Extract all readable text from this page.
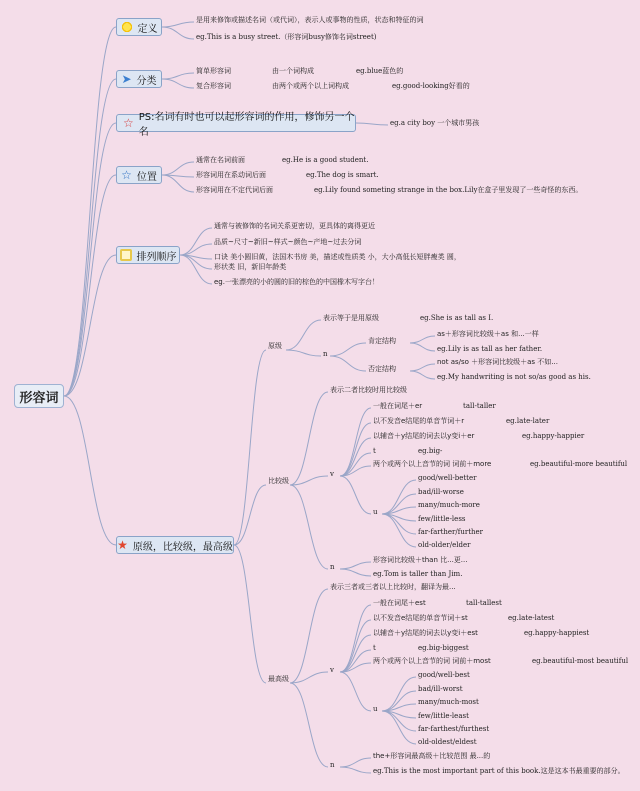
形容词
定义
是用来修饰或描述名词（或代词），表示人或事物的性质，状态和特征的词
eg.This is a busy street.（形容词busy修饰名词street)
➤ 分类
简单形容词	由一个词构成	eg.blue蓝色的
复合形容词	由两个或两个以上词构成	eg.good-looking好看的
☆ PS:名词有时也可以起形容词的作用，修饰另一个名
eg.a city boy 一个城市男孩
☆ 位置
通常在名词前面	eg.He is a good student.
形容词用在系动词后面	eg.The dog is smart.
形容词用在不定代词后面	eg.Lily found someting strange in the box.Lily在盒子里发现了一些奇怪的东西。
排列顺序
通常与被修饰的名词关系更密切，更具体的离得更近
品质~尺寸~新旧~样式~颜色~产地~过去分词
口诀 美小圆旧黄，法国木书房 美，描述或性质类 小，大小高低长短胖瘦类 圆，
形状类 旧，新旧年龄类
eg.一张漂亮的小的圆的旧的棕色的中国橡木写字台！
★ 原级，比较级，最高级
原级
表示等于是用原级	eg.She is as tall as I.
n
肯定结构
as＋形容词比较级＋as 和...一样
eg.Lily is as tall as her father.
否定结构
not as/so ＋形容词比较级＋as 不如...
eg.My handwriting is not so/as good as his.
比较级
表示二者比较时用比较级
v
一般在词尾＋er	tall-taller
以不发音e结尾的单音节词＋r	eg.late-later
以辅音＋y结尾的词去以y变i＋er	eg.happy-happier
t	eg.big-
两个或两个以上音节的词 词前＋more	eg.beautiful-more beautiful
u
good/well-better
bad/ill-worse
many/much-more
few/little-less
far-farther/further
old-older/elder
n
形容词比较级＋than 比...更...
eg.Tom is taller than Jim.
最高级
表示三者或三者以上比较时，翻译为最...
v
一般在词尾＋est	tall-tallest
以不发音e结尾的单音节词＋st	eg.late-latest
以辅音＋y结尾的词去以y变i＋est	eg.happy-happiest
t	eg.big-biggest
两个或两个以上音节的词 词前＋most	eg.beautiful-most beautiful
u
good/well-best
bad/ill-worst
many/much-most
few/little-least
far-farthest/furthest
old-oldest/eldest
n
the+形容词最高级＋比较范围 最...的
eg.This is the most important part of this book.这是这本书最重要的部分。
